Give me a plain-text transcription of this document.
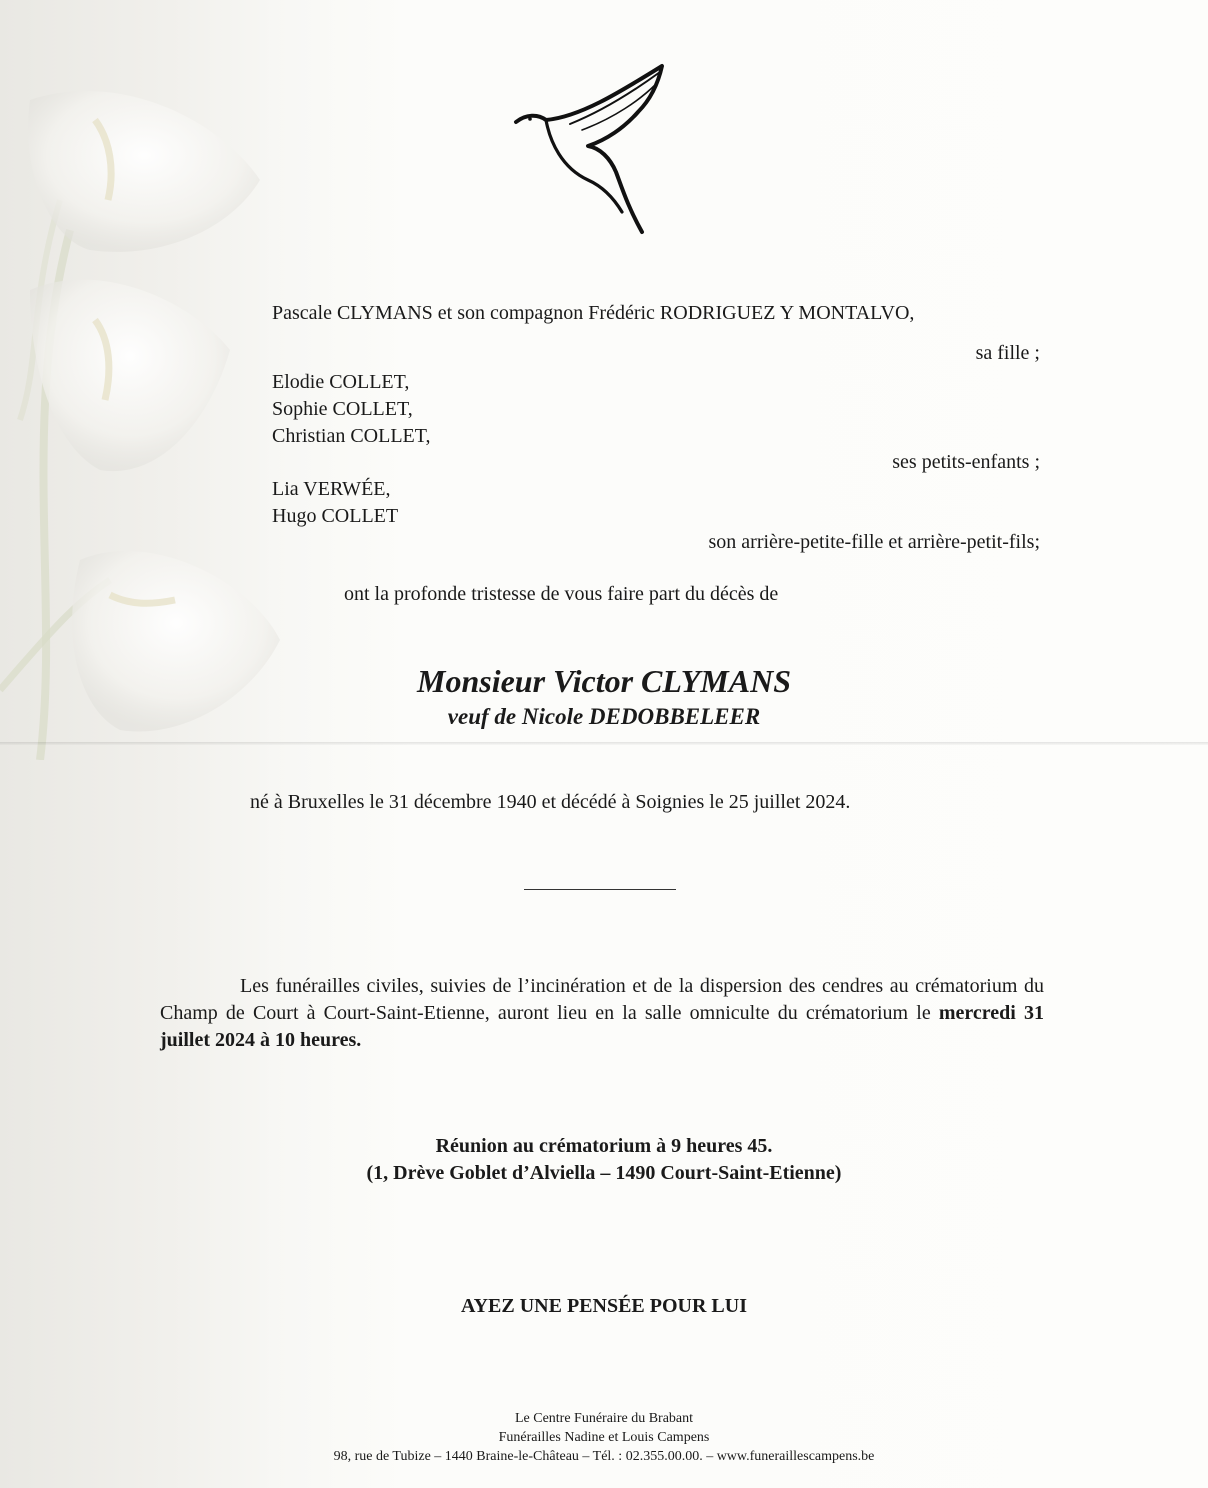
Pascale CLYMANS et son compagnon Frédéric RODRIGUEZ Y MONTALVO,
sa fille ;
Elodie COLLET,
Sophie COLLET,
Christian COLLET,
ses petits-enfants ;
Lia VERWÉE,
Hugo COLLET
son arrière-petite-fille et arrière-petit-fils;
ont la profonde tristesse de vous faire part du décès de
Monsieur Victor CLYMANS
veuf de Nicole DEDOBBELEER
né à Bruxelles le 31 décembre 1940 et décédé à Soignies le 25 juillet 2024.
Les funérailles civiles, suivies de l’incinération et de la dispersion des cendres au crématorium du Champ de Court à Court-Saint-Etienne, auront lieu en la salle omniculte du crématorium le mercredi 31 juillet 2024 à 10 heures.
Réunion au crématorium à 9 heures 45.
(1, Drève Goblet d’Alviella – 1490 Court-Saint-Etienne)
AYEZ UNE PENSÉE POUR LUI
Le Centre Funéraire du Brabant
Funérailles Nadine et Louis Campens
98, rue de Tubize – 1440 Braine-le-Château – Tél. : 02.355.00.00. – www.funeraillescampens.be
